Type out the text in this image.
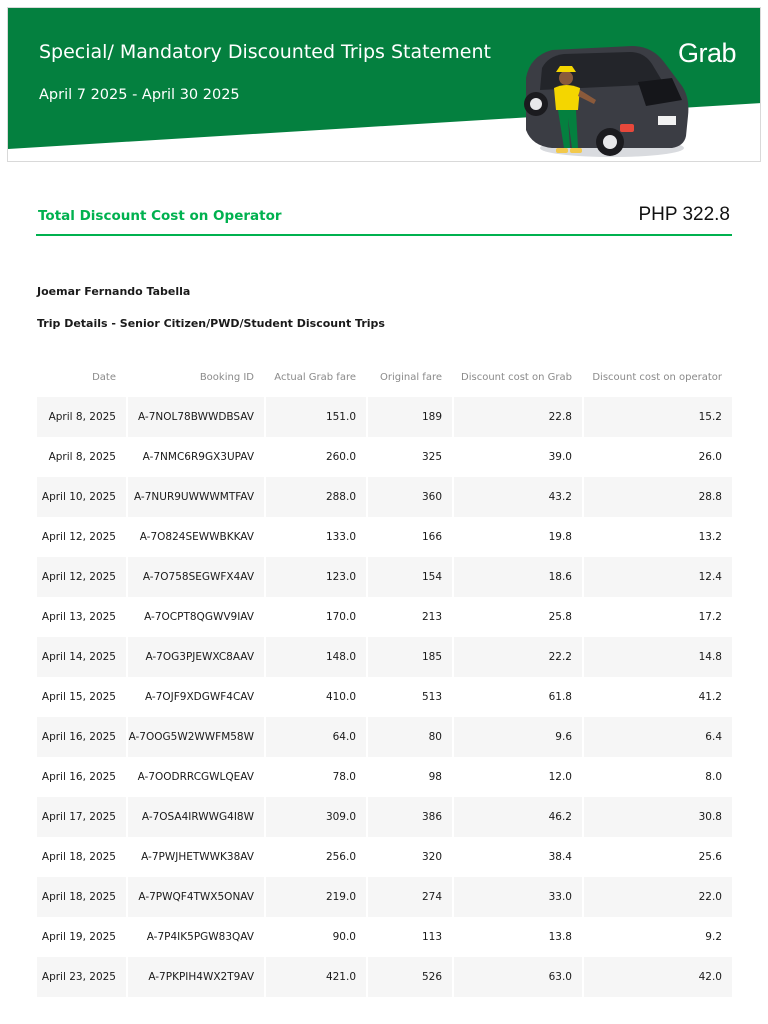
Special/ Mandatory Discounted Trips Statement
April 7 2025 - April 30 2025
Grab
Total Discount Cost on Operator	PHP 322.8
Joemar Fernando Tabella
Trip Details - Senior Citizen/PWD/Student Discount Trips
Date	Booking ID	Actual Grab fare	Original fare	Discount cost on Grab	Discount cost on operator
April 8, 2025	A-7NOL78BWWDBSAV	151.0	189	22.8	15.2
April 8, 2025	A-7NMC6R9GX3UPAV	260.0	325	39.0	26.0
April 10, 2025	A-7NUR9UWWWMTFAV	288.0	360	43.2	28.8
April 12, 2025	A-7O824SEWWBKKAV	133.0	166	19.8	13.2
April 12, 2025	A-7O758SEGWFX4AV	123.0	154	18.6	12.4
April 13, 2025	A-7OCPT8QGWV9IAV	170.0	213	25.8	17.2
April 14, 2025	A-7OG3PJEWXC8AAV	148.0	185	22.2	14.8
April 15, 2025	A-7OJF9XDGWF4CAV	410.0	513	61.8	41.2
April 16, 2025	A-7OOG5W2WWFM58W	64.0	80	9.6	6.4
April 16, 2025	A-7OODRRCGWLQEAV	78.0	98	12.0	8.0
April 17, 2025	A-7OSA4IRWWG4I8W	309.0	386	46.2	30.8
April 18, 2025	A-7PWJHETWWK38AV	256.0	320	38.4	25.6
April 18, 2025	A-7PWQF4TWX5ONAV	219.0	274	33.0	22.0
April 19, 2025	A-7P4IK5PGW83QAV	90.0	113	13.8	9.2
April 23, 2025	A-7PKPIH4WX2T9AV	421.0	526	63.0	42.0
